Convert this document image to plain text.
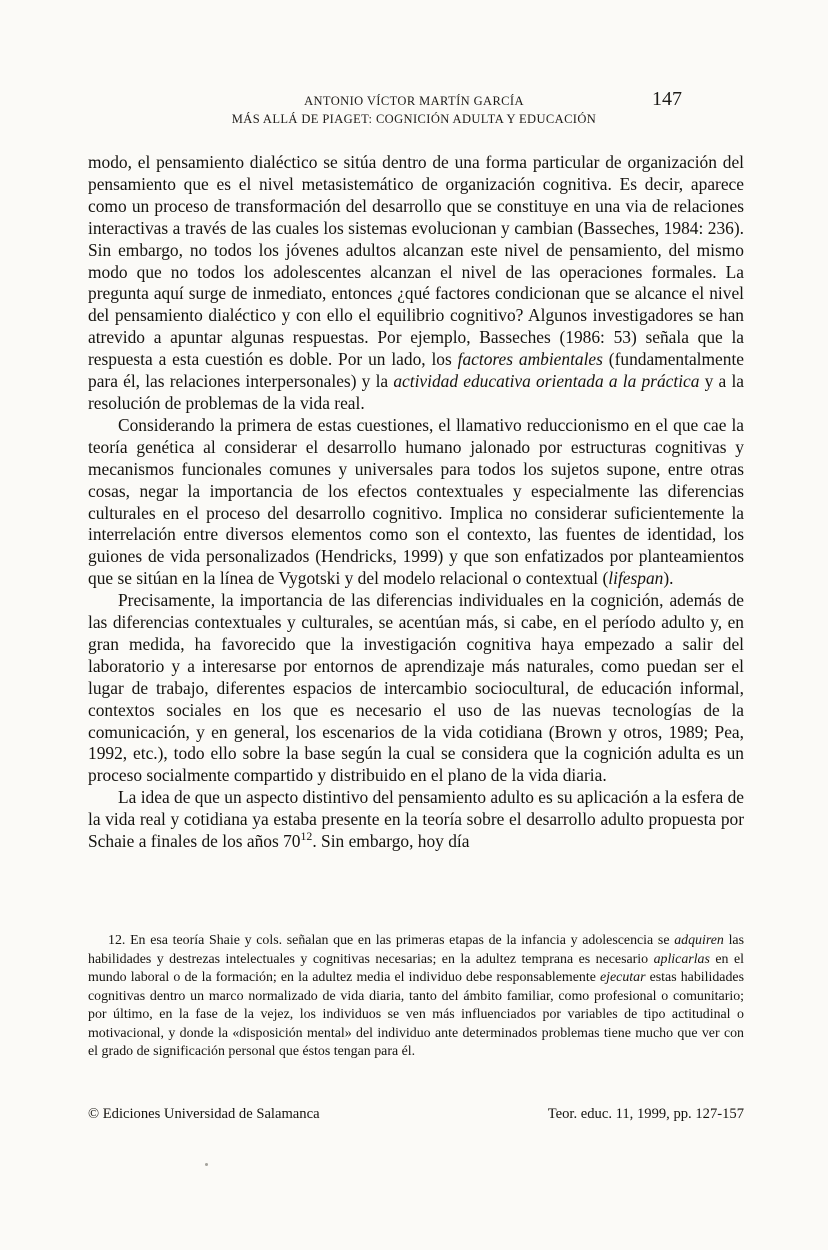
ANTONIO VÍCTOR MARTÍN GARCÍA
MÁS ALLÁ DE PIAGET: COGNICIÓN ADULTA Y EDUCACIÓN
147

modo, el pensamiento dialéctico se sitúa dentro de una forma particular de organización del pensamiento que es el nivel metasistemático de organización cognitiva. Es decir, aparece como un proceso de transformación del desarrollo que se constituye en una via de relaciones interactivas a través de las cuales los sistemas evolucionan y cambian (Basseches, 1984: 236). Sin embargo, no todos los jóvenes adultos alcanzan este nivel de pensamiento, del mismo modo que no todos los adolescentes alcanzan el nivel de las operaciones formales. La pregunta aquí surge de inmediato, entonces ¿qué factores condicionan que se alcance el nivel del pensamiento dialéctico y con ello el equilibrio cognitivo? Algunos investigadores se han atrevido a apuntar algunas respuestas. Por ejemplo, Basseches (1986: 53) señala que la respuesta a esta cuestión es doble. Por un lado, los factores ambientales (fundamentalmente para él, las relaciones interpersonales) y la actividad educativa orientada a la práctica y a la resolución de problemas de la vida real.

Considerando la primera de estas cuestiones, el llamativo reduccionismo en el que cae la teoría genética al considerar el desarrollo humano jalonado por estructuras cognitivas y mecanismos funcionales comunes y universales para todos los sujetos supone, entre otras cosas, negar la importancia de los efectos contextuales y especialmente las diferencias culturales en el proceso del desarrollo cognitivo. Implica no considerar suficientemente la interrelación entre diversos elementos como son el contexto, las fuentes de identidad, los guiones de vida personalizados (Hendricks, 1999) y que son enfatizados por planteamientos que se sitúan en la línea de Vygotski y del modelo relacional o contextual (lifespan).

Precisamente, la importancia de las diferencias individuales en la cognición, además de las diferencias contextuales y culturales, se acentúan más, si cabe, en el período adulto y, en gran medida, ha favorecido que la investigación cognitiva haya empezado a salir del laboratorio y a interesarse por entornos de aprendizaje más naturales, como puedan ser el lugar de trabajo, diferentes espacios de intercambio sociocultural, de educación informal, contextos sociales en los que es necesario el uso de las nuevas tecnologías de la comunicación, y en general, los escenarios de la vida cotidiana (Brown y otros, 1989; Pea, 1992, etc.), todo ello sobre la base según la cual se considera que la cognición adulta es un proceso socialmente compartido y distribuido en el plano de la vida diaria.

La idea de que un aspecto distintivo del pensamiento adulto es su aplicación a la esfera de la vida real y cotidiana ya estaba presente en la teoría sobre el desarrollo adulto propuesta por Schaie a finales de los años $70^{12}$. Sin embargo, hoy día

12. En esa teoría Shaie y cols. señalan que en las primeras etapas de la infancia y adolescencia se adquiren las habilidades y destrezas intelectuales y cognitivas necesarias; en la adultez temprana es necesario aplicarlas en el mundo laboral o de la formación; en la adultez media el individuo debe responsablemente ejecutar estas habilidades cognitivas dentro un marco normalizado de vida diaria, tanto del ámbito familiar, como profesional o comunitario; por último, en la fase de la vejez, los individuos se ven más influenciados por variables de tipo actitudinal o motivacional, y donde la «disposición mental» del individuo ante determinados problemas tiene mucho que ver con el grado de significación personal que éstos tengan para él.

© Ediciones Universidad de Salamanca	Teor. educ. 11, 1999, pp. 127-157
